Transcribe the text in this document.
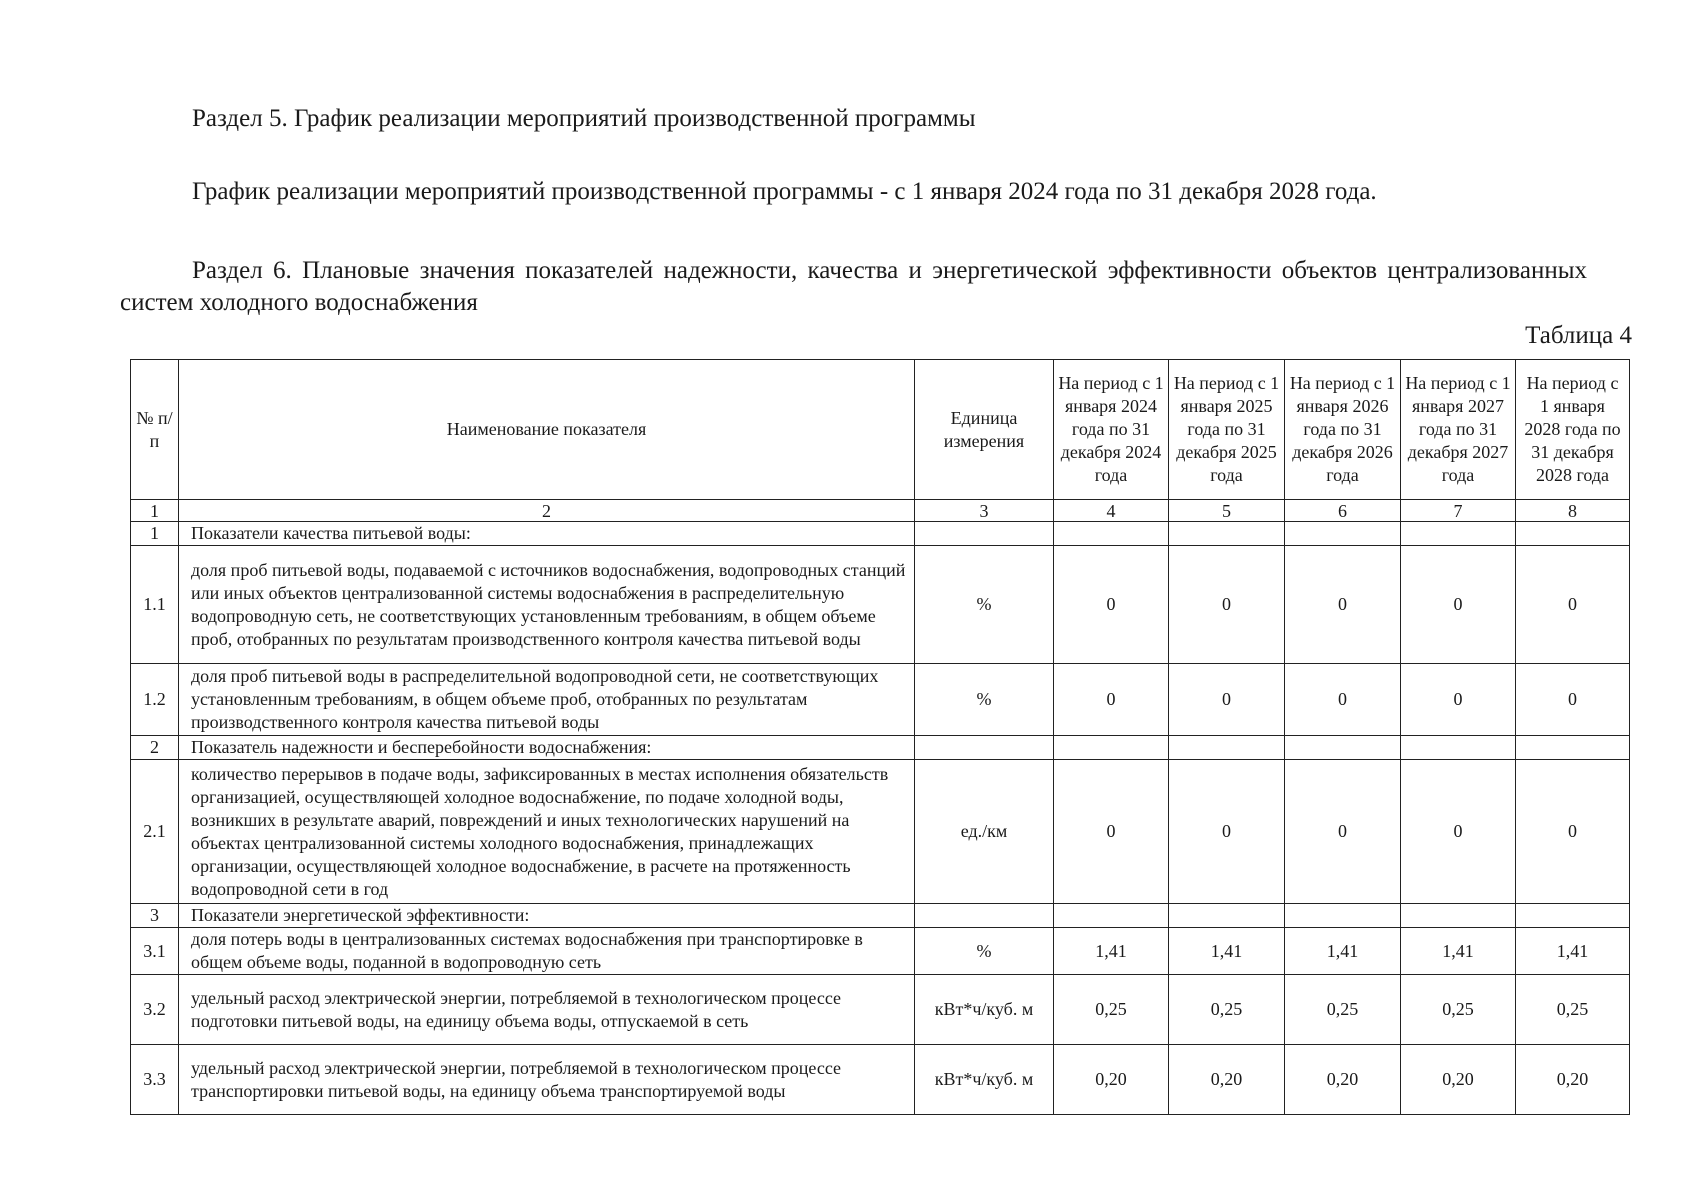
Раздел 5. График реализации мероприятий производственной программы
График реализации мероприятий производственной программы - с 1 января 2024 года по 31 декабря 2028 года.
Раздел 6. Плановые значения показателей надежности, качества и энергетической эффективности объектов централизованных систем холодного водоснабжения
Таблица 4
№ п/ п	Наименование показателя	Единица измерения	На период с 1 января 2024 года по 31 декабря 2024 года	На период с 1 января 2025 года по 31 декабря 2025 года	На период с 1 января 2026 года по 31 декабря 2026 года	На период с 1 января 2027 года по 31 декабря 2027 года	На период с 1 января 2028 года по 31 декабря 2028 года
1	2	3	4	5	6	7	8
1	Показатели качества питьевой воды:						
1.1	доля проб питьевой воды, подаваемой с источников водоснабжения, водопроводных станций или иных объектов централизованной системы водоснабжения в распределительную водопроводную сеть, не соответствующих установленным требованиям, в общем объеме проб, отобранных по результатам производственного контроля качества питьевой воды	%	0	0	0	0	0
1.2	доля проб питьевой воды в распределительной водопроводной сети, не соответствующих установленным требованиям, в общем объеме проб, отобранных по результатам производственного контроля качества питьевой воды	%	0	0	0	0	0
2	Показатель надежности и бесперебойности водоснабжения:						
2.1	количество перерывов в подаче воды, зафиксированных в местах исполнения обязательств организацией, осуществляющей холодное водоснабжение, по подаче холодной воды, возникших в результате аварий, повреждений и иных технологических нарушений на объектах централизованной системы холодного водоснабжения, принадлежащих организации, осуществляющей холодное водоснабжение, в расчете на протяженность водопроводной сети в год	ед./км	0	0	0	0	0
3	Показатели энергетической эффективности:						
3.1	доля потерь воды в централизованных системах водоснабжения при транспортировке в общем объеме воды, поданной в водопроводную сеть	%	1,41	1,41	1,41	1,41	1,41
3.2	удельный расход электрической энергии, потребляемой в технологическом процессе подготовки питьевой воды, на единицу объема воды, отпускаемой в сеть	кВт*ч/куб. м	0,25	0,25	0,25	0,25	0,25
3.3	удельный расход электрической энергии, потребляемой в технологическом процессе транспортировки питьевой воды, на единицу объема транспортируемой воды	кВт*ч/куб. м	0,20	0,20	0,20	0,20	0,20
